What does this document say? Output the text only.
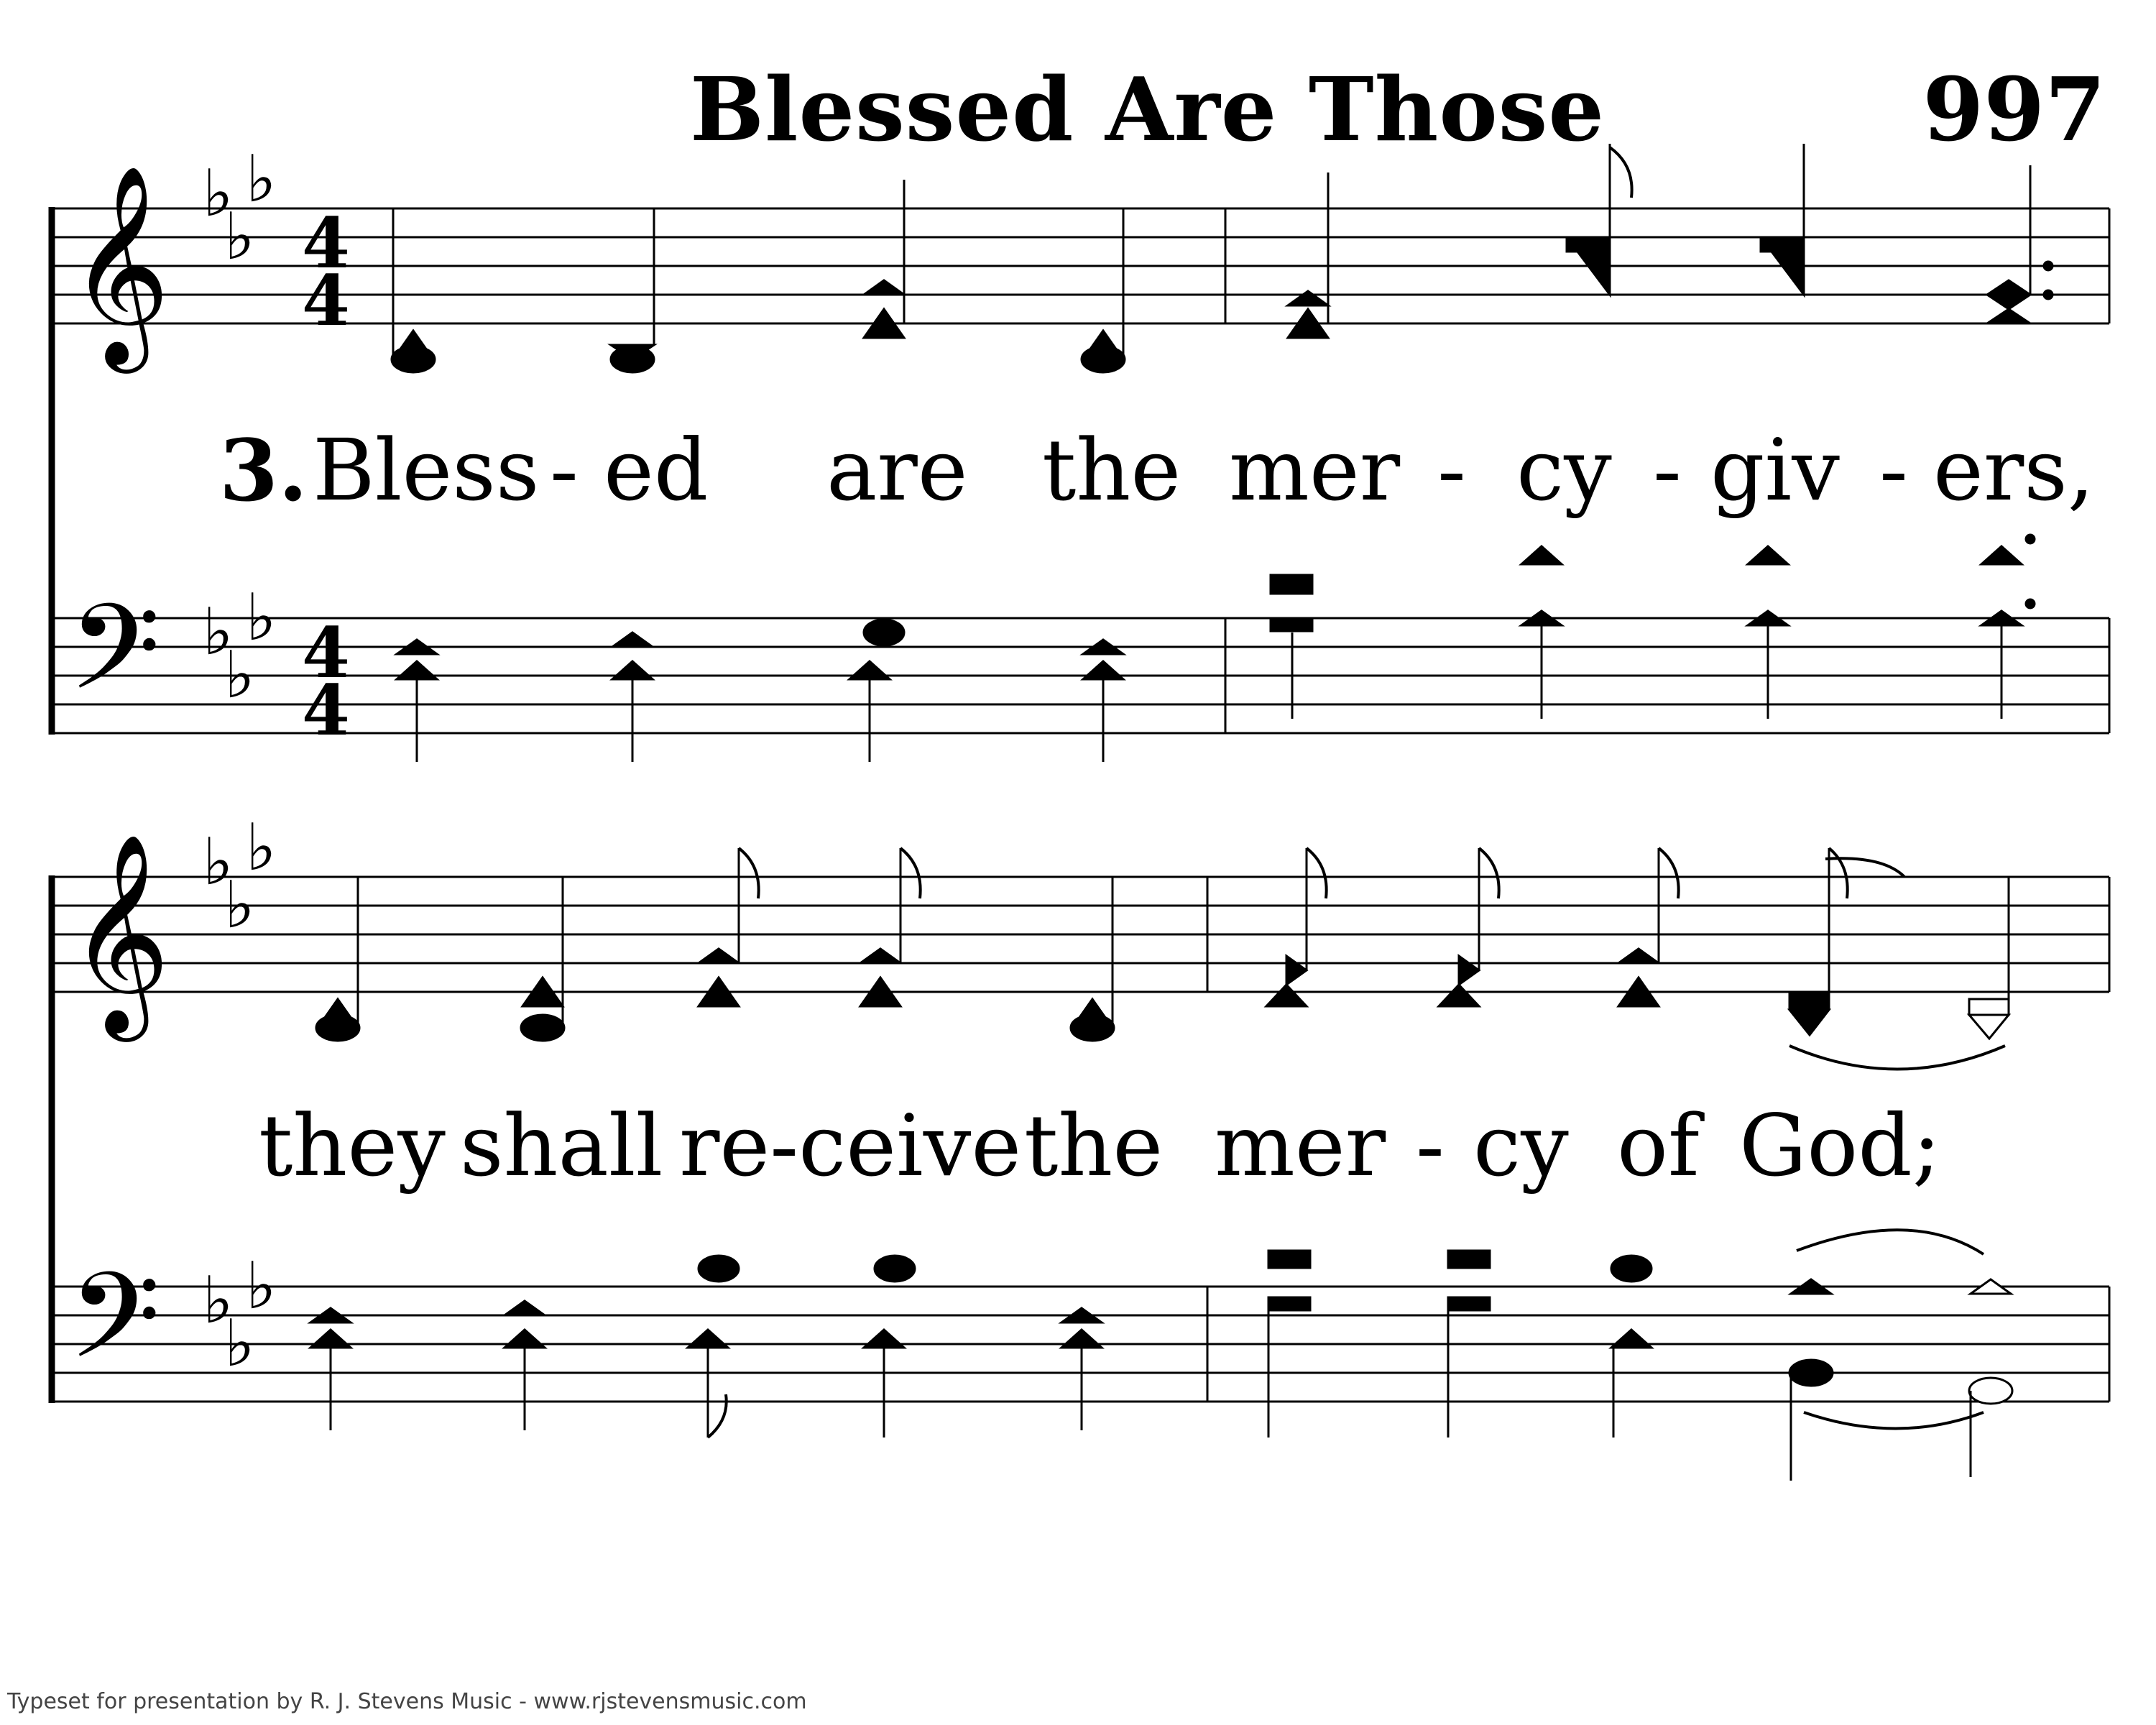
Blessed Are Those	997
𝄞
𝄢
𝄞
𝄢
♭
♭
♭
♭
♭
♭
♭
♭
♭
♭
♭
♭
4
4
4
4
3. Bless - ed are the mer - cy - giv - ers,
they shall re-ceive the mer - cy of God;
Typeset for presentation by R. J. Stevens Music - www.rjstevensmusic.com
